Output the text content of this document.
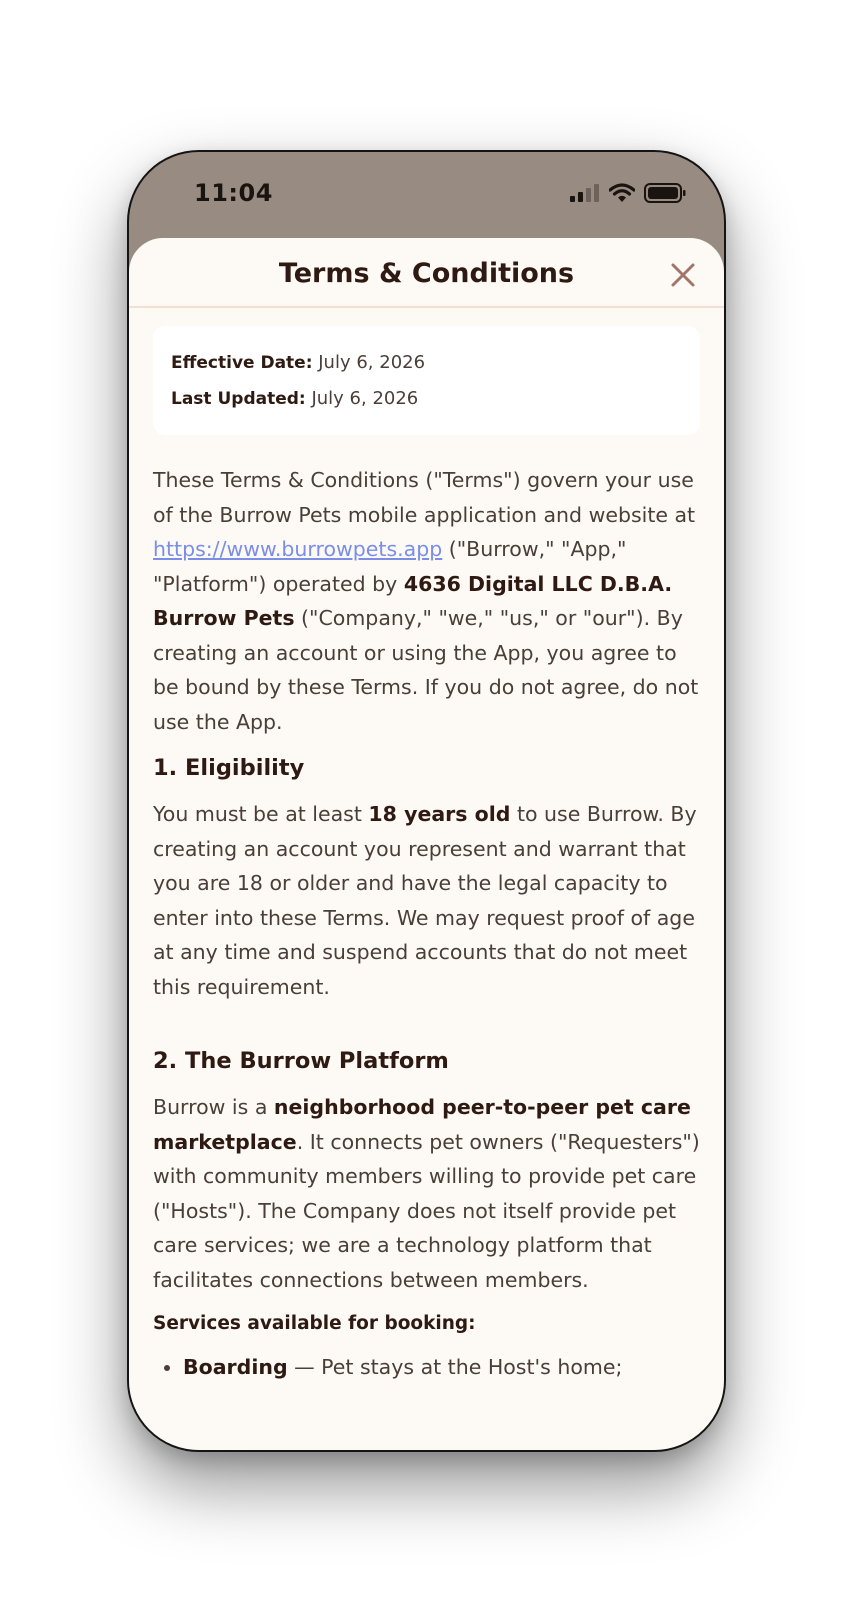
11:04
Terms & Conditions
Effective Date: July 6, 2026
Last Updated: July 6, 2026

These Terms & Conditions ("Terms") govern your use of the Burrow Pets mobile application and website at https://www.burrowpets.app ("Burrow," "App," "Platform") operated by 4636 Digital LLC D.B.A. Burrow Pets ("Company," "we," "us," or "our"). By creating an account or using the App, you agree to be bound by these Terms. If you do not agree, do not use the App.

1. Eligibility

You must be at least 18 years old to use Burrow. By creating an account you represent and warrant that you are 18 or older and have the legal capacity to enter into these Terms. We may request proof of age at any time and suspend accounts that do not meet this requirement.

2. The Burrow Platform

Burrow is a neighborhood peer-to-peer pet care marketplace. It connects pet owners ("Requesters") with community members willing to provide pet care ("Hosts"). The Company does not itself provide pet care services; we are a technology platform that facilitates connections between members.

Services available for booking:
• Boarding — Pet stays at the Host's home;
